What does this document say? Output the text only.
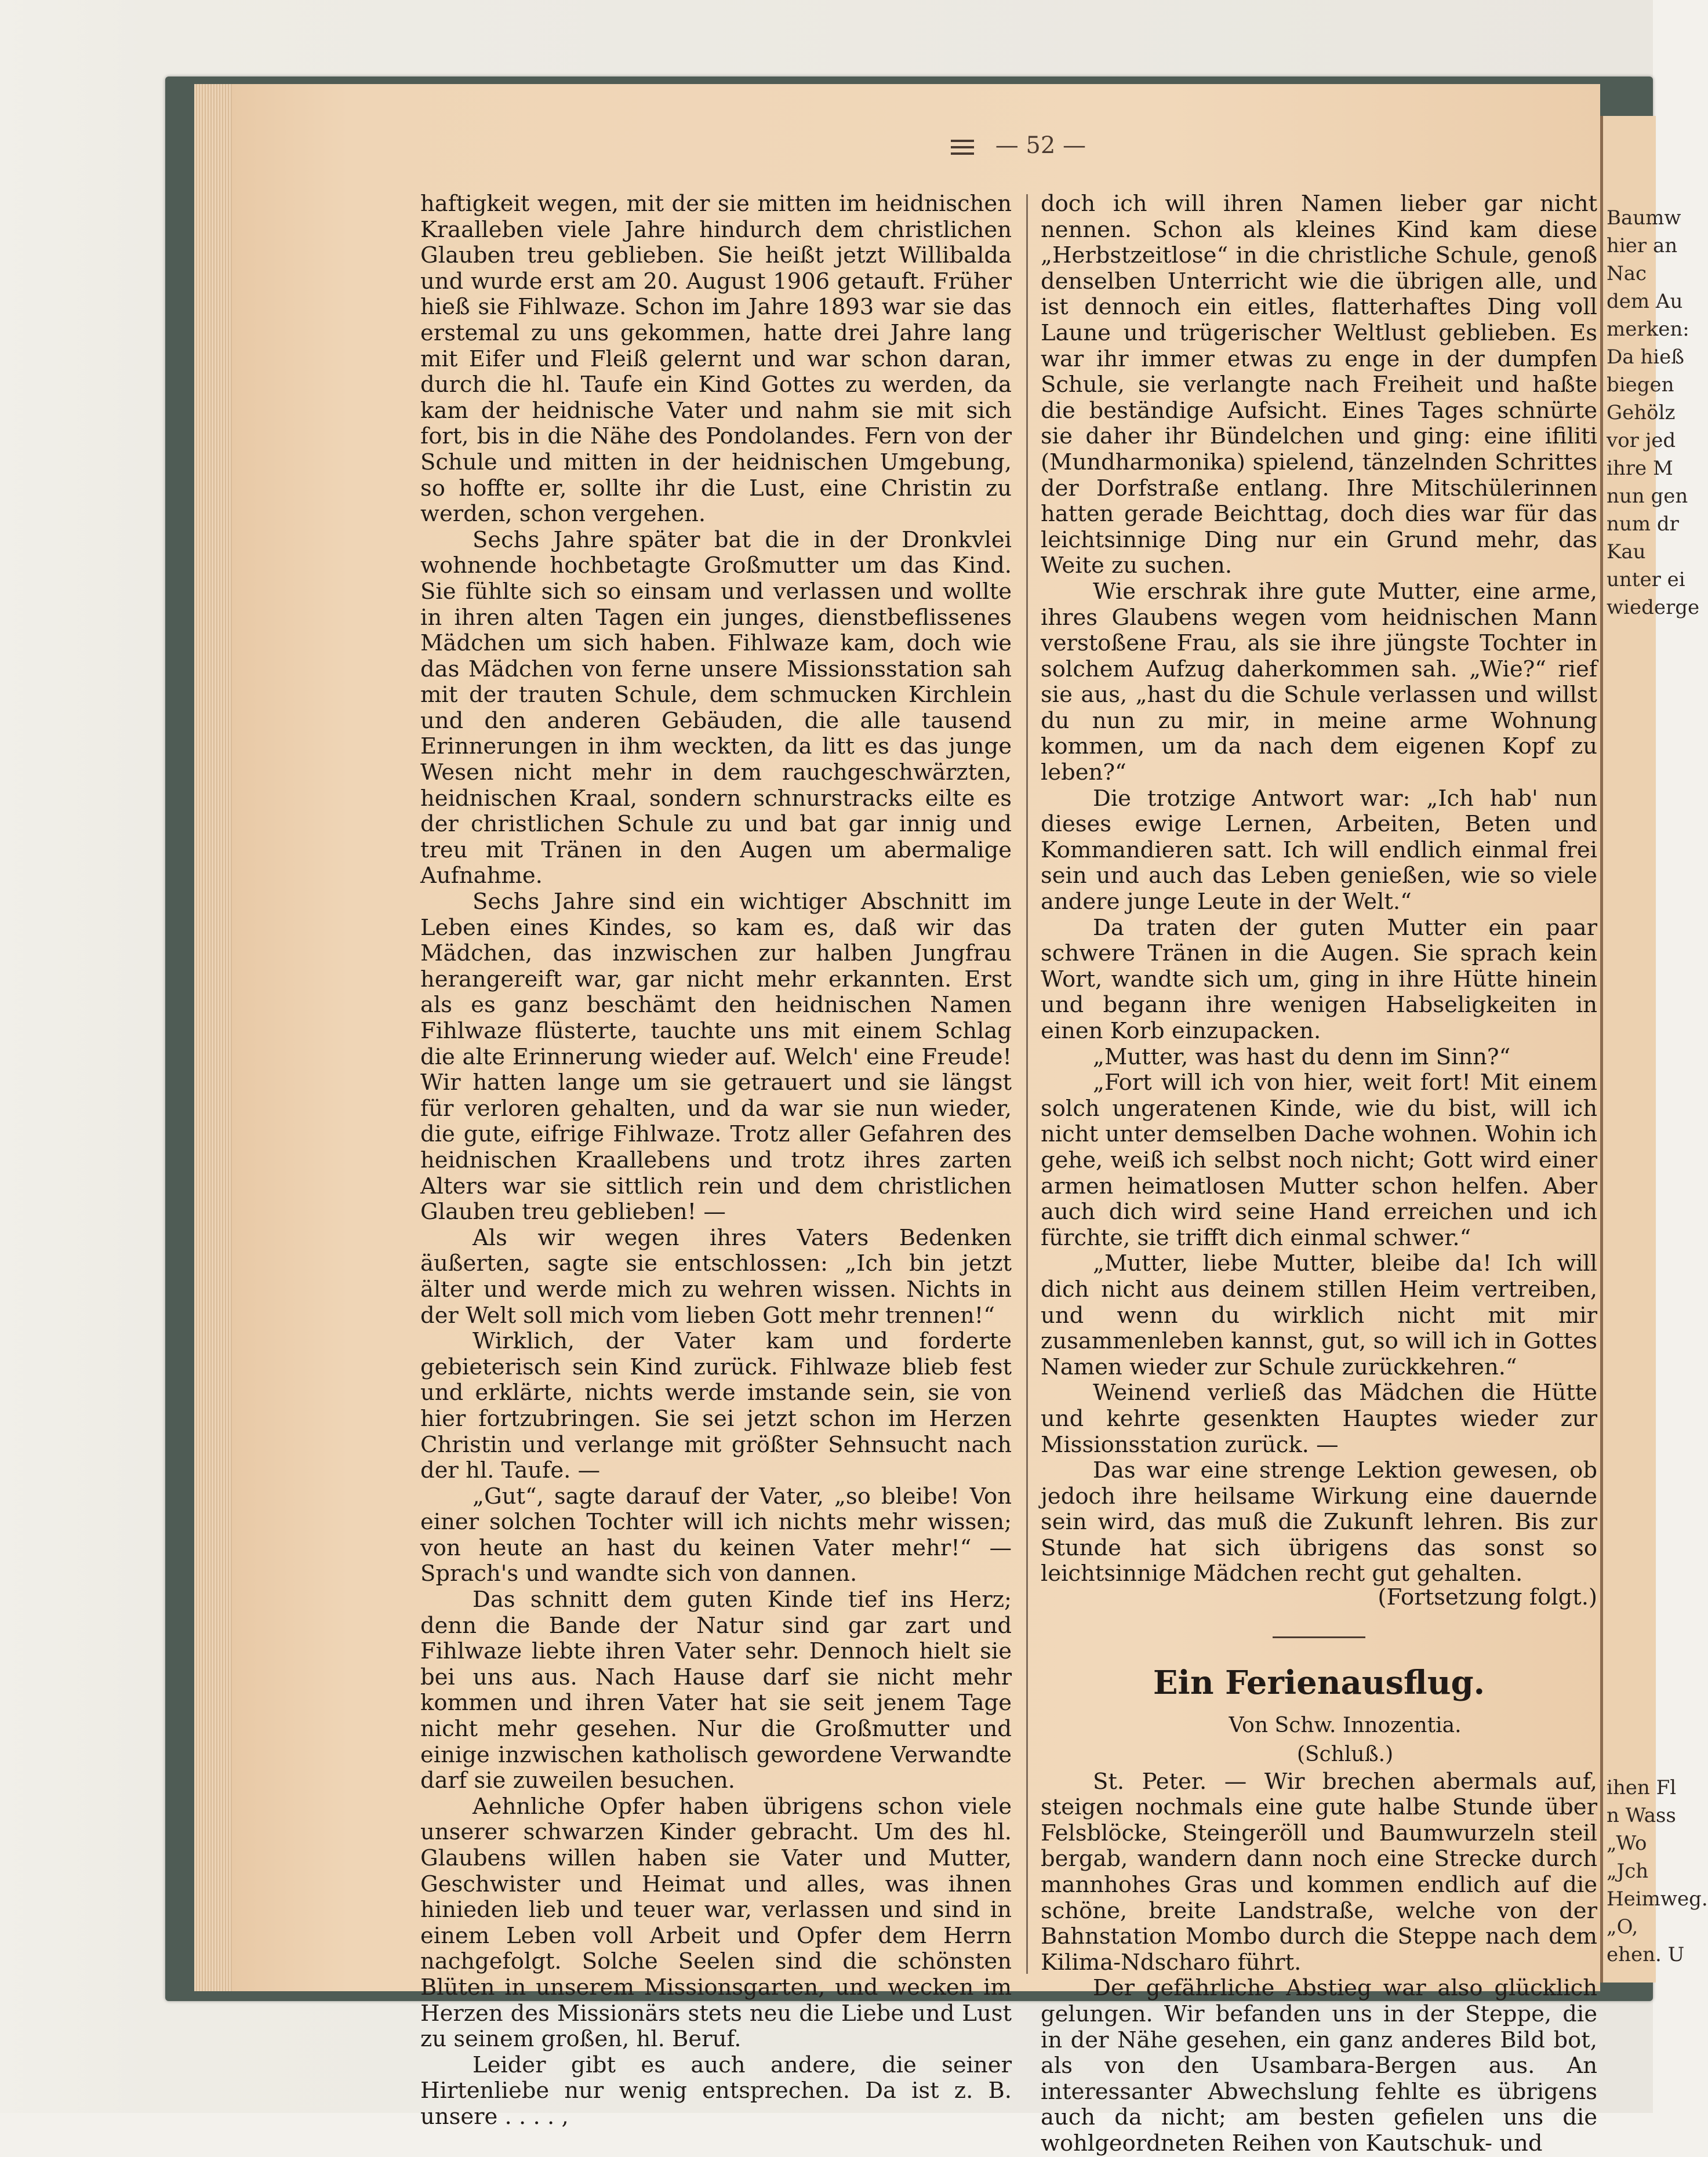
Baumw
hier an
Nac
dem Au
merken:
Da hieß
biegen
Gehölz
vor jed
ihre M
nun gen
num dr
Kau
unter ei
wiederge
ihen Fl
n Wass
„Wo
„Jch
Heimweg.
„O,
ehen. U
— 52 —

haftigkeit wegen, mit der sie mitten im heidnischen Kraalleben viele Jahre hindurch dem christlichen Glauben treu geblieben. Sie heißt jetzt Willibalda und wurde erst am 20. August 1906 getauft. Früher hieß sie Fihlwaze. Schon im Jahre 1893 war sie das erstemal zu uns gekommen, hatte drei Jahre lang mit Eifer und Fleiß gelernt und war schon daran, durch die hl. Taufe ein Kind Gottes zu werden, da kam der heidnische Vater und nahm sie mit sich fort, bis in die Nähe des Pondolandes. Fern von der Schule und mitten in der heidnischen Umgebung, so hoffte er, sollte ihr die Lust, eine Christin zu werden, schon vergehen.

Sechs Jahre später bat die in der Dronkvlei wohnende hochbetagte Großmutter um das Kind. Sie fühlte sich so einsam und verlassen und wollte in ihren alten Tagen ein junges, dienstbeflissenes Mädchen um sich haben. Fihlwaze kam, doch wie das Mädchen von ferne unsere Missionsstation sah mit der trauten Schule, dem schmucken Kirchlein und den anderen Gebäuden, die alle tausend Erinnerungen in ihm weckten, da litt es das junge Wesen nicht mehr in dem rauchgeschwärzten, heidnischen Kraal, sondern schnurstracks eilte es der christlichen Schule zu und bat gar innig und treu mit Tränen in den Augen um abermalige Aufnahme.

Sechs Jahre sind ein wichtiger Abschnitt im Leben eines Kindes, so kam es, daß wir das Mädchen, das inzwischen zur halben Jungfrau herangereift war, gar nicht mehr erkannten. Erst als es ganz beschämt den heidnischen Namen Fihlwaze flüsterte, tauchte uns mit einem Schlag die alte Erinnerung wieder auf. Welch' eine Freude! Wir hatten lange um sie getrauert und sie längst für verloren gehalten, und da war sie nun wieder, die gute, eifrige Fihlwaze. Trotz aller Gefahren des heidnischen Kraallebens und trotz ihres zarten Alters war sie sittlich rein und dem christlichen Glauben treu geblieben! —

Als wir wegen ihres Vaters Bedenken äußerten, sagte sie entschlossen: „Ich bin jetzt älter und werde mich zu wehren wissen. Nichts in der Welt soll mich vom lieben Gott mehr trennen!“

Wirklich, der Vater kam und forderte gebieterisch sein Kind zurück. Fihlwaze blieb fest und erklärte, nichts werde imstande sein, sie von hier fortzubringen. Sie sei jetzt schon im Herzen Christin und verlange mit größter Sehnsucht nach der hl. Taufe. —

„Gut“, sagte darauf der Vater, „so bleibe! Von einer solchen Tochter will ich nichts mehr wissen; von heute an hast du keinen Vater mehr!“ — Sprach's und wandte sich von dannen.

Das schnitt dem guten Kinde tief ins Herz; denn die Bande der Natur sind gar zart und Fihlwaze liebte ihren Vater sehr. Dennoch hielt sie bei uns aus. Nach Hause darf sie nicht mehr kommen und ihren Vater hat sie seit jenem Tage nicht mehr gesehen. Nur die Großmutter und einige inzwischen katholisch gewordene Verwandte darf sie zuweilen besuchen.

Aehnliche Opfer haben übrigens schon viele unserer schwarzen Kinder gebracht. Um des hl. Glaubens willen haben sie Vater und Mutter, Geschwister und Heimat und alles, was ihnen hinieden lieb und teuer war, verlassen und sind in einem Leben voll Arbeit und Opfer dem Herrn nachgefolgt. Solche Seelen sind die schönsten Blüten in unserem Missionsgarten, und wecken im Herzen des Missionärs stets neu die Liebe und Lust zu seinem großen, hl. Beruf.

Leider gibt es auch andere, die seiner Hirtenliebe nur wenig entsprechen. Da ist z. B. unsere . . . . ,

doch ich will ihren Namen lieber gar nicht nennen. Schon als kleines Kind kam diese „Herbstzeitlose“ in die christliche Schule, genoß denselben Unterricht wie die übrigen alle, und ist dennoch ein eitles, flatterhaftes Ding voll Laune und trügerischer Weltlust geblieben. Es war ihr immer etwas zu enge in der dumpfen Schule, sie verlangte nach Freiheit und haßte die beständige Aufsicht. Eines Tages schnürte sie daher ihr Bündelchen und ging: eine ifiliti (Mundharmonika) spielend, tänzelnden Schrittes der Dorfstraße entlang. Ihre Mitschülerinnen hatten gerade Beichttag, doch dies war für das leichtsinnige Ding nur ein Grund mehr, das Weite zu suchen.

Wie erschrak ihre gute Mutter, eine arme, ihres Glaubens wegen vom heidnischen Mann verstoßene Frau, als sie ihre jüngste Tochter in solchem Aufzug daherkommen sah. „Wie?“ rief sie aus, „hast du die Schule verlassen und willst du nun zu mir, in meine arme Wohnung kommen, um da nach dem eigenen Kopf zu leben?“

Die trotzige Antwort war: „Ich hab' nun dieses ewige Lernen, Arbeiten, Beten und Kommandieren satt. Ich will endlich einmal frei sein und auch das Leben genießen, wie so viele andere junge Leute in der Welt.“

Da traten der guten Mutter ein paar schwere Tränen in die Augen. Sie sprach kein Wort, wandte sich um, ging in ihre Hütte hinein und begann ihre wenigen Habseligkeiten in einen Korb einzupacken.

„Mutter, was hast du denn im Sinn?“

„Fort will ich von hier, weit fort! Mit einem solch ungeratenen Kinde, wie du bist, will ich nicht unter demselben Dache wohnen. Wohin ich gehe, weiß ich selbst noch nicht; Gott wird einer armen heimatlosen Mutter schon helfen. Aber auch dich wird seine Hand erreichen und ich fürchte, sie trifft dich einmal schwer.“

„Mutter, liebe Mutter, bleibe da! Ich will dich nicht aus deinem stillen Heim vertreiben, und wenn du wirklich nicht mit mir zusammenleben kannst, gut, so will ich in Gottes Namen wieder zur Schule zurückkehren.“

Weinend verließ das Mädchen die Hütte und kehrte gesenkten Hauptes wieder zur Missionsstation zurück. —

Das war eine strenge Lektion gewesen, ob jedoch ihre heilsame Wirkung eine dauernde sein wird, das muß die Zukunft lehren. Bis zur Stunde hat sich übrigens das sonst so leichtsinnige Mädchen recht gut gehalten.

(Fortsetzung folgt.)

Ein Ferienausflug.

Von Schw. Innozentia.

(Schluß.)

St. Peter. — Wir brechen abermals auf, steigen nochmals eine gute halbe Stunde über Felsblöcke, Steingeröll und Baumwurzeln steil bergab, wandern dann noch eine Strecke durch mannhohes Gras und kommen endlich auf die schöne, breite Landstraße, welche von der Bahnstation Mombo durch die Steppe nach dem Kilima-Ndscharo führt.

Der gefährliche Abstieg war also glücklich gelungen. Wir befanden uns in der Steppe, die in der Nähe gesehen, ein ganz anderes Bild bot, als von den Usambara-Bergen aus. An interessanter Abwechslung fehlte es übrigens auch da nicht; am besten gefielen uns die wohlgeordneten Reihen von Kautschuk- und
